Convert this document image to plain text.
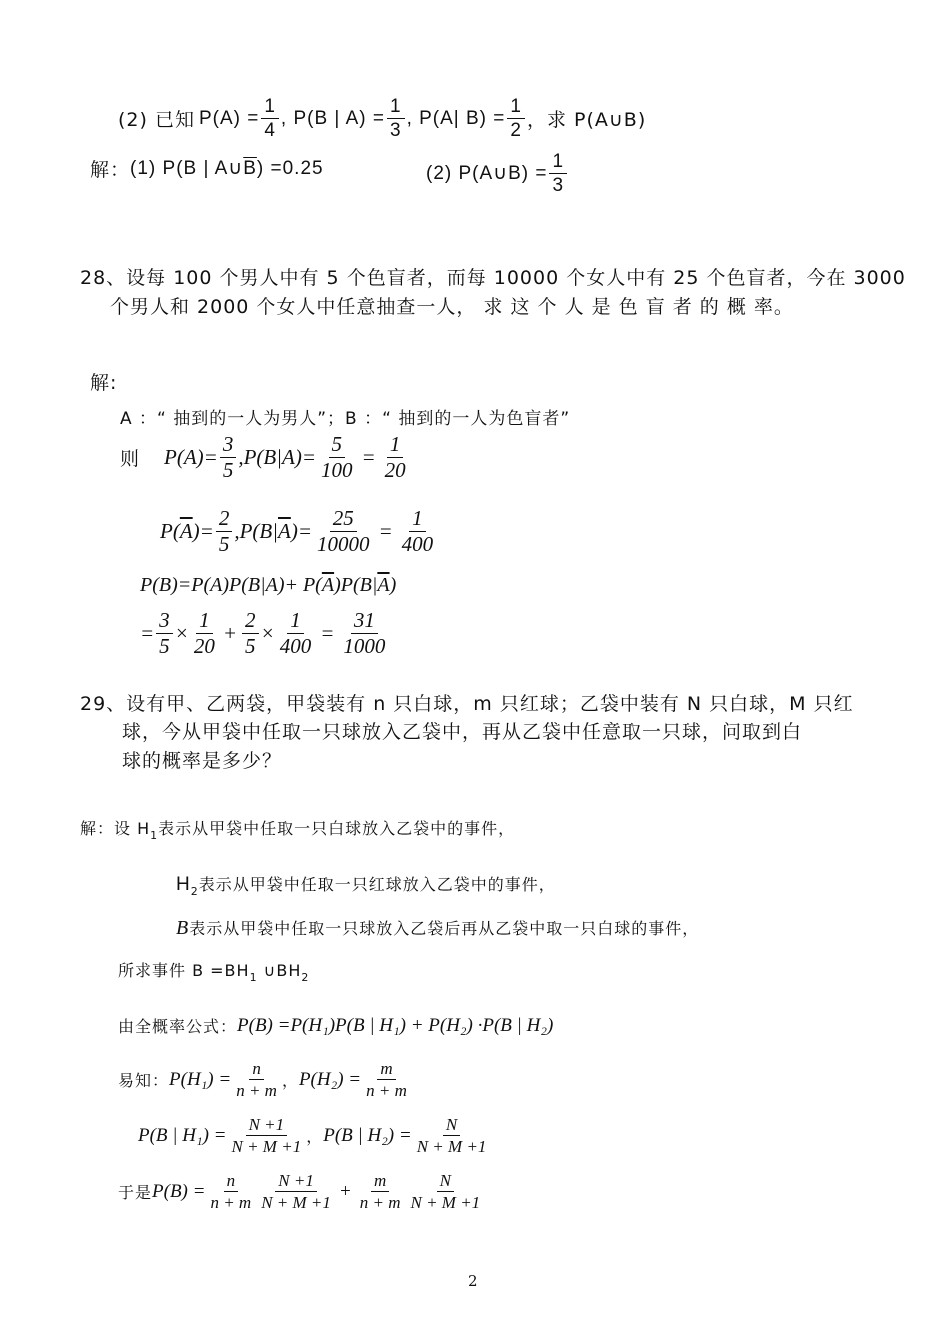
(2) 已知 $P(A) = \frac{1}{4}$ , P(B | $A) = \frac{1}{3}$ , P(A| $B) = \frac{1}{2}$ ，求 P(A∪B)
解： (1) P(B | A∪ $\overline{B}$ ) =0.25	(2) P(A∪B) = $\frac{1}{3}$
28、设每 100 个男人中有 5 个色盲者，而每 10000 个女人中有 25 个色盲者，今在 3000
个男人和 2000 个女人中任意抽查一人， 求 这 个 人 是 色 盲 者 的 概 率。
解:
A ：“ 抽到的一人为男人”；B ：“ 抽到的一人为色盲者”
则 $P(A)= \frac{3}{5} ,P(B|A)= \frac{5}{100} = \frac{1}{20}$
P( $\overline{A}$ )= $\frac{2}{5} ,P(B|$ $\overline{A}$ )= $\frac{25}{10000} = \frac{1}{400}$
P(B)=P(A)P(B|A)+ P( $\overline{A}$ )P(B| $\overline{A}$ )
= $\frac{3}{5} \times \frac{1}{20} + \frac{2}{5} \times \frac{1}{400} = \frac{31}{1000}$
29、设有甲、乙两袋，甲袋装有 n 只白球，m 只红球；乙袋中装有 N 只白球，M 只红
球，今从甲袋中任取一只球放入乙袋中，再从乙袋中任意取一只球，问取到白
球的概率是多少？
解：设 $H_1$表示从甲袋中任取一只白球放入乙袋中的事件，
$H_2$表示从甲袋中任取一只红球放入乙袋中的事件，
B表示从甲袋中任取一只球放入乙袋后再从乙袋中取一只白球的事件，
所求事件 $B =BH_1$ $\cup BH_2$
由全概率公式： P(B) =P(H₁)P(B | H₁) + P(H₂) ·P(B | H₂)
易知： $P(H_1) = \frac{n}{n + m}$ ， $P(H_2) = \frac{m}{n + m}$
P(B | $H_1) = \frac{N +1}{N + M +1}$ ， P(B | $H_2) = \frac{N}{N + M +1}$
于是 $P(B) = \frac{n}{n + m} \frac{N +1}{N + M +1} + \frac{m}{n + m} \frac{N}{N + M +1}$
2
